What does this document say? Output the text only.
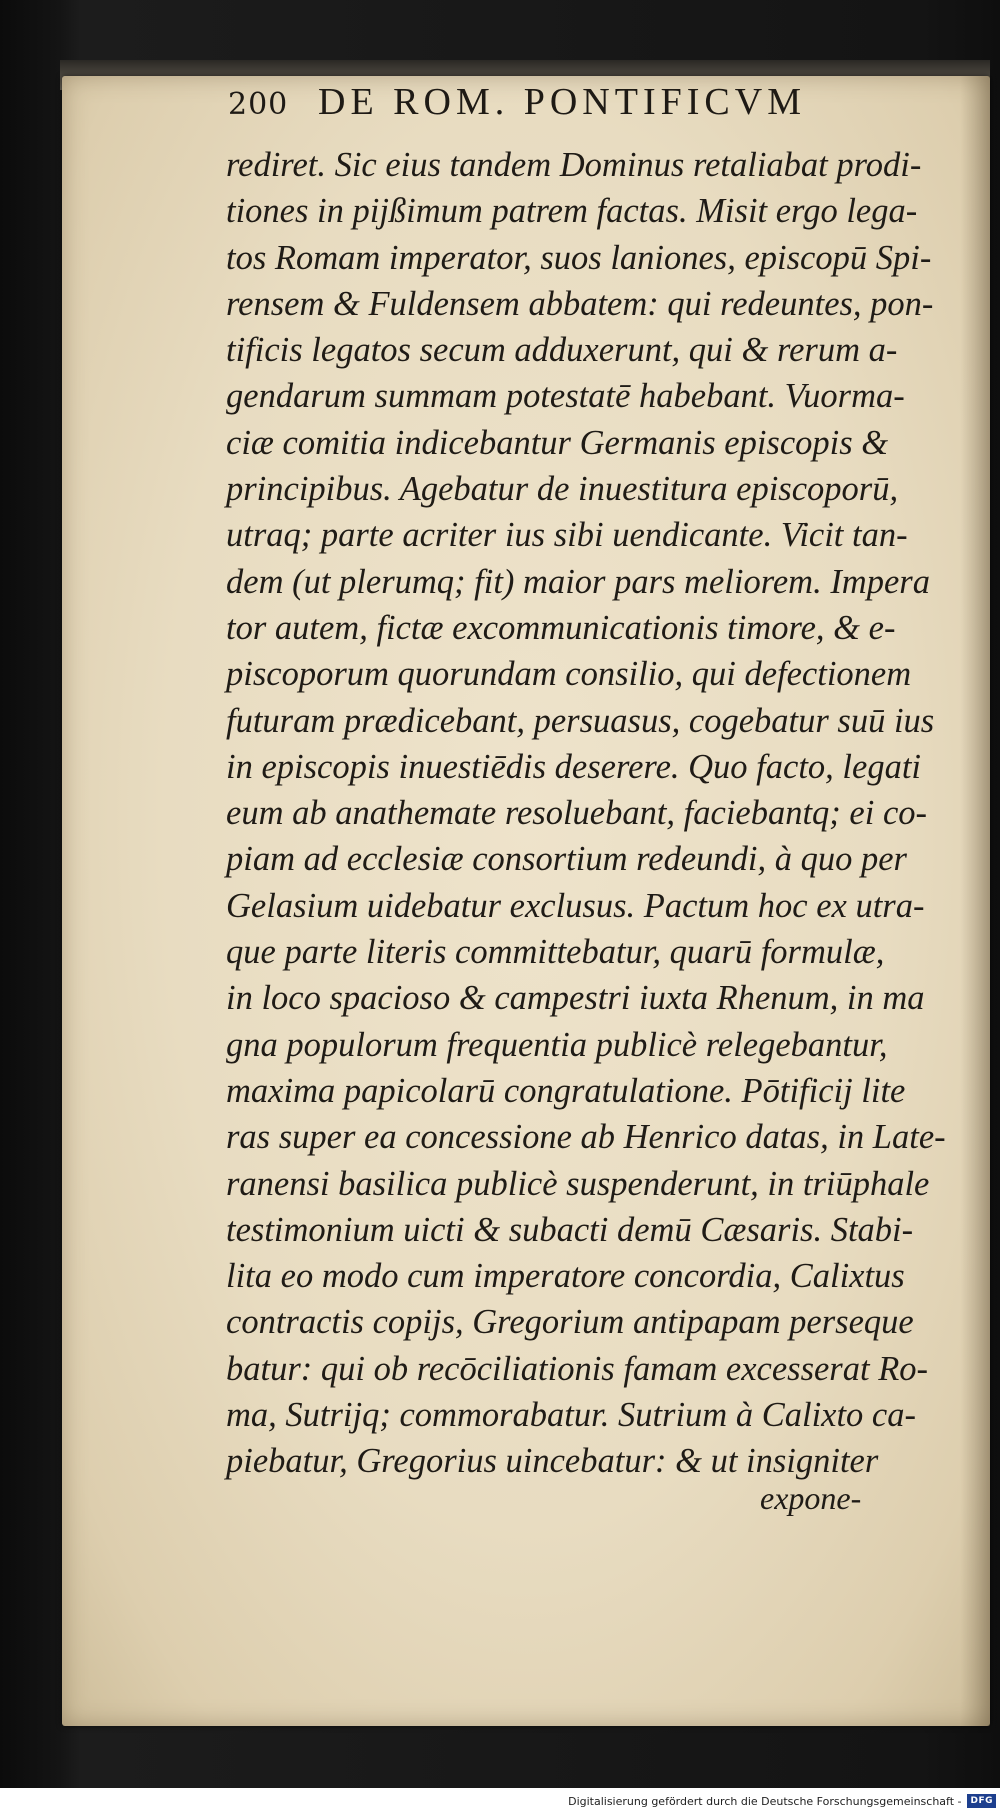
200 DE ROM. PONTIFICVM
rediret. Sic eius tandem Dominus retaliabat prodi-
tiones in pijßimum patrem factas. Misit ergo lega-
tos Romam imperator, suos laniones, episcopū Spi-
rensem & Fuldensem abbatem: qui redeuntes, pon-
tificis legatos secum adduxerunt, qui & rerum a-
gendarum summam potestatē habebant. Vuorma-
ciæ comitia indicebantur Germanis episcopis &
principibus. Agebatur de inuestitura episcoporū,
utraq; parte acriter ius sibi uendicante. Vicit tan-
dem (ut plerumq; fit) maior pars meliorem. Impera
tor autem, fictæ excommunicationis timore, & e-
piscoporum quorundam consilio, qui defectionem
futuram prædicebant, persuasus, cogebatur suū ius
in episcopis inuestiēdis deserere. Quo facto, legati
eum ab anathemate resoluebant, faciebantq; ei co-
piam ad ecclesiæ consortium redeundi, à quo per
Gelasium uidebatur exclusus. Pactum hoc ex utra-
que parte literis committebatur, quarū formulæ,
in loco spacioso & campestri iuxta Rhenum, in ma
gna populorum frequentia publicè relegebantur,
maxima papicolarū congratulatione. Pōtificij lite
ras super ea concessione ab Henrico datas, in Late-
ranensi basilica publicè suspenderunt, in triūphale
testimonium uicti & subacti demū Cæsaris. Stabi-
lita eo modo cum imperatore concordia, Calixtus
contractis copijs, Gregorium antipapam perseque
batur: qui ob recōciliationis famam excesserat Ro-
ma, Sutrijq; commorabatur. Sutrium à Calixto ca-
piebatur, Gregorius uincebatur: & ut insigniter
expone-
Digitalisierung gefördert durch die Deutsche Forschungsgemeinschaft -	DFG
